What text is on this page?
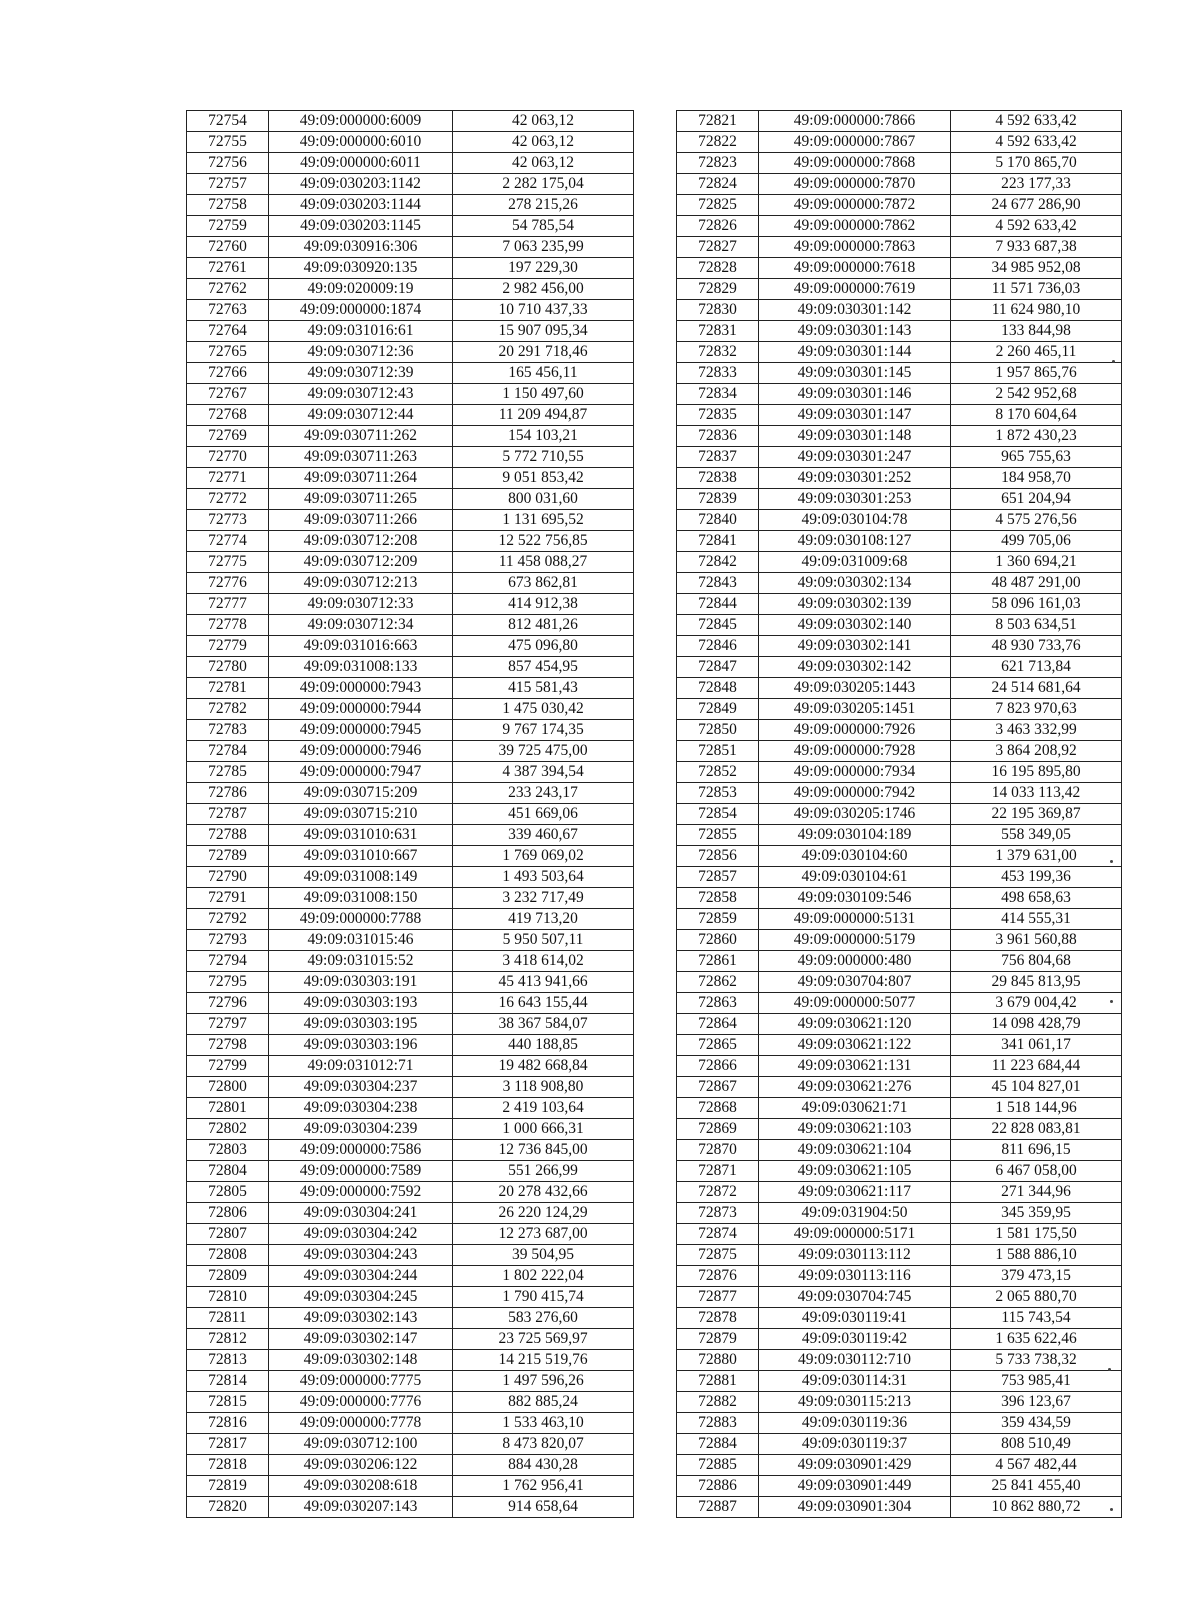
72754	49:09:000000:6009	42 063,12
72755	49:09:000000:6010	42 063,12
72756	49:09:000000:6011	42 063,12
72757	49:09:030203:1142	2 282 175,04
72758	49:09:030203:1144	278 215,26
72759	49:09:030203:1145	54 785,54
72760	49:09:030916:306	7 063 235,99
72761	49:09:030920:135	197 229,30
72762	49:09:020009:19	2 982 456,00
72763	49:09:000000:1874	10 710 437,33
72764	49:09:031016:61	15 907 095,34
72765	49:09:030712:36	20 291 718,46
72766	49:09:030712:39	165 456,11
72767	49:09:030712:43	1 150 497,60
72768	49:09:030712:44	11 209 494,87
72769	49:09:030711:262	154 103,21
72770	49:09:030711:263	5 772 710,55
72771	49:09:030711:264	9 051 853,42
72772	49:09:030711:265	800 031,60
72773	49:09:030711:266	1 131 695,52
72774	49:09:030712:208	12 522 756,85
72775	49:09:030712:209	11 458 088,27
72776	49:09:030712:213	673 862,81
72777	49:09:030712:33	414 912,38
72778	49:09:030712:34	812 481,26
72779	49:09:031016:663	475 096,80
72780	49:09:031008:133	857 454,95
72781	49:09:000000:7943	415 581,43
72782	49:09:000000:7944	1 475 030,42
72783	49:09:000000:7945	9 767 174,35
72784	49:09:000000:7946	39 725 475,00
72785	49:09:000000:7947	4 387 394,54
72786	49:09:030715:209	233 243,17
72787	49:09:030715:210	451 669,06
72788	49:09:031010:631	339 460,67
72789	49:09:031010:667	1 769 069,02
72790	49:09:031008:149	1 493 503,64
72791	49:09:031008:150	3 232 717,49
72792	49:09:000000:7788	419 713,20
72793	49:09:031015:46	5 950 507,11
72794	49:09:031015:52	3 418 614,02
72795	49:09:030303:191	45 413 941,66
72796	49:09:030303:193	16 643 155,44
72797	49:09:030303:195	38 367 584,07
72798	49:09:030303:196	440 188,85
72799	49:09:031012:71	19 482 668,84
72800	49:09:030304:237	3 118 908,80
72801	49:09:030304:238	2 419 103,64
72802	49:09:030304:239	1 000 666,31
72803	49:09:000000:7586	12 736 845,00
72804	49:09:000000:7589	551 266,99
72805	49:09:000000:7592	20 278 432,66
72806	49:09:030304:241	26 220 124,29
72807	49:09:030304:242	12 273 687,00
72808	49:09:030304:243	39 504,95
72809	49:09:030304:244	1 802 222,04
72810	49:09:030304:245	1 790 415,74
72811	49:09:030302:143	583 276,60
72812	49:09:030302:147	23 725 569,97
72813	49:09:030302:148	14 215 519,76
72814	49:09:000000:7775	1 497 596,26
72815	49:09:000000:7776	882 885,24
72816	49:09:000000:7778	1 533 463,10
72817	49:09:030712:100	8 473 820,07
72818	49:09:030206:122	884 430,28
72819	49:09:030208:618	1 762 956,41
72820	49:09:030207:143	914 658,64
72821	49:09:000000:7866	4 592 633,42
72822	49:09:000000:7867	4 592 633,42
72823	49:09:000000:7868	5 170 865,70
72824	49:09:000000:7870	223 177,33
72825	49:09:000000:7872	24 677 286,90
72826	49:09:000000:7862	4 592 633,42
72827	49:09:000000:7863	7 933 687,38
72828	49:09:000000:7618	34 985 952,08
72829	49:09:000000:7619	11 571 736,03
72830	49:09:030301:142	11 624 980,10
72831	49:09:030301:143	133 844,98
72832	49:09:030301:144	2 260 465,11
72833	49:09:030301:145	1 957 865,76
72834	49:09:030301:146	2 542 952,68
72835	49:09:030301:147	8 170 604,64
72836	49:09:030301:148	1 872 430,23
72837	49:09:030301:247	965 755,63
72838	49:09:030301:252	184 958,70
72839	49:09:030301:253	651 204,94
72840	49:09:030104:78	4 575 276,56
72841	49:09:030108:127	499 705,06
72842	49:09:031009:68	1 360 694,21
72843	49:09:030302:134	48 487 291,00
72844	49:09:030302:139	58 096 161,03
72845	49:09:030302:140	8 503 634,51
72846	49:09:030302:141	48 930 733,76
72847	49:09:030302:142	621 713,84
72848	49:09:030205:1443	24 514 681,64
72849	49:09:030205:1451	7 823 970,63
72850	49:09:000000:7926	3 463 332,99
72851	49:09:000000:7928	3 864 208,92
72852	49:09:000000:7934	16 195 895,80
72853	49:09:000000:7942	14 033 113,42
72854	49:09:030205:1746	22 195 369,87
72855	49:09:030104:189	558 349,05
72856	49:09:030104:60	1 379 631,00
72857	49:09:030104:61	453 199,36
72858	49:09:030109:546	498 658,63
72859	49:09:000000:5131	414 555,31
72860	49:09:000000:5179	3 961 560,88
72861	49:09:000000:480	756 804,68
72862	49:09:030704:807	29 845 813,95
72863	49:09:000000:5077	3 679 004,42
72864	49:09:030621:120	14 098 428,79
72865	49:09:030621:122	341 061,17
72866	49:09:030621:131	11 223 684,44
72867	49:09:030621:276	45 104 827,01
72868	49:09:030621:71	1 518 144,96
72869	49:09:030621:103	22 828 083,81
72870	49:09:030621:104	811 696,15
72871	49:09:030621:105	6 467 058,00
72872	49:09:030621:117	271 344,96
72873	49:09:031904:50	345 359,95
72874	49:09:000000:5171	1 581 175,50
72875	49:09:030113:112	1 588 886,10
72876	49:09:030113:116	379 473,15
72877	49:09:030704:745	2 065 880,70
72878	49:09:030119:41	115 743,54
72879	49:09:030119:42	1 635 622,46
72880	49:09:030112:710	5 733 738,32
72881	49:09:030114:31	753 985,41
72882	49:09:030115:213	396 123,67
72883	49:09:030119:36	359 434,59
72884	49:09:030119:37	808 510,49
72885	49:09:030901:429	4 567 482,44
72886	49:09:030901:449	25 841 455,40
72887	49:09:030901:304	10 862 880,72
